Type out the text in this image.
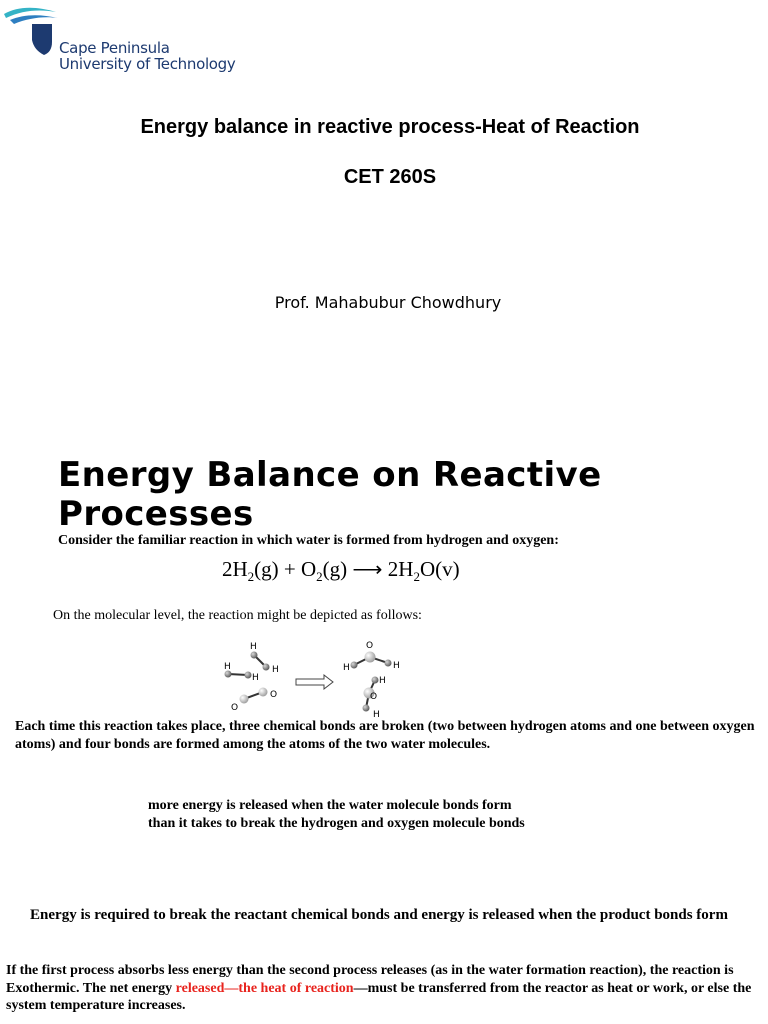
Cape Peninsula
University of Technology
Energy balance in reactive process-Heat of Reaction
CET 260S
Prof. Mahabubur Chowdhury
Energy Balance on Reactive Processes
Consider the familiar reaction in which water is formed from hydrogen and oxygen:
$2H_2(g) + O_2(g)$ ⟶ $2H_2O(v)$
On the molecular level, the reaction might be depicted as follows:
H
H
H
H
O
O
O
H	H
H
O
H
Each time this reaction takes place, three chemical bonds are broken (two between hydrogen atoms and one between oxygen atoms) and four bonds are formed among the atoms of the two water molecules.
more energy is released when the water molecule bonds form
than it takes to break the hydrogen and oxygen molecule bonds
Energy is required to break the reactant chemical bonds and energy is released when the product bonds form
If the first process absorbs less energy than the second process releases (as in the water formation reaction), the reaction is Exothermic. The net energy released—the heat of reaction—must be transferred from the reactor as heat or work, or else the system temperature increases.
